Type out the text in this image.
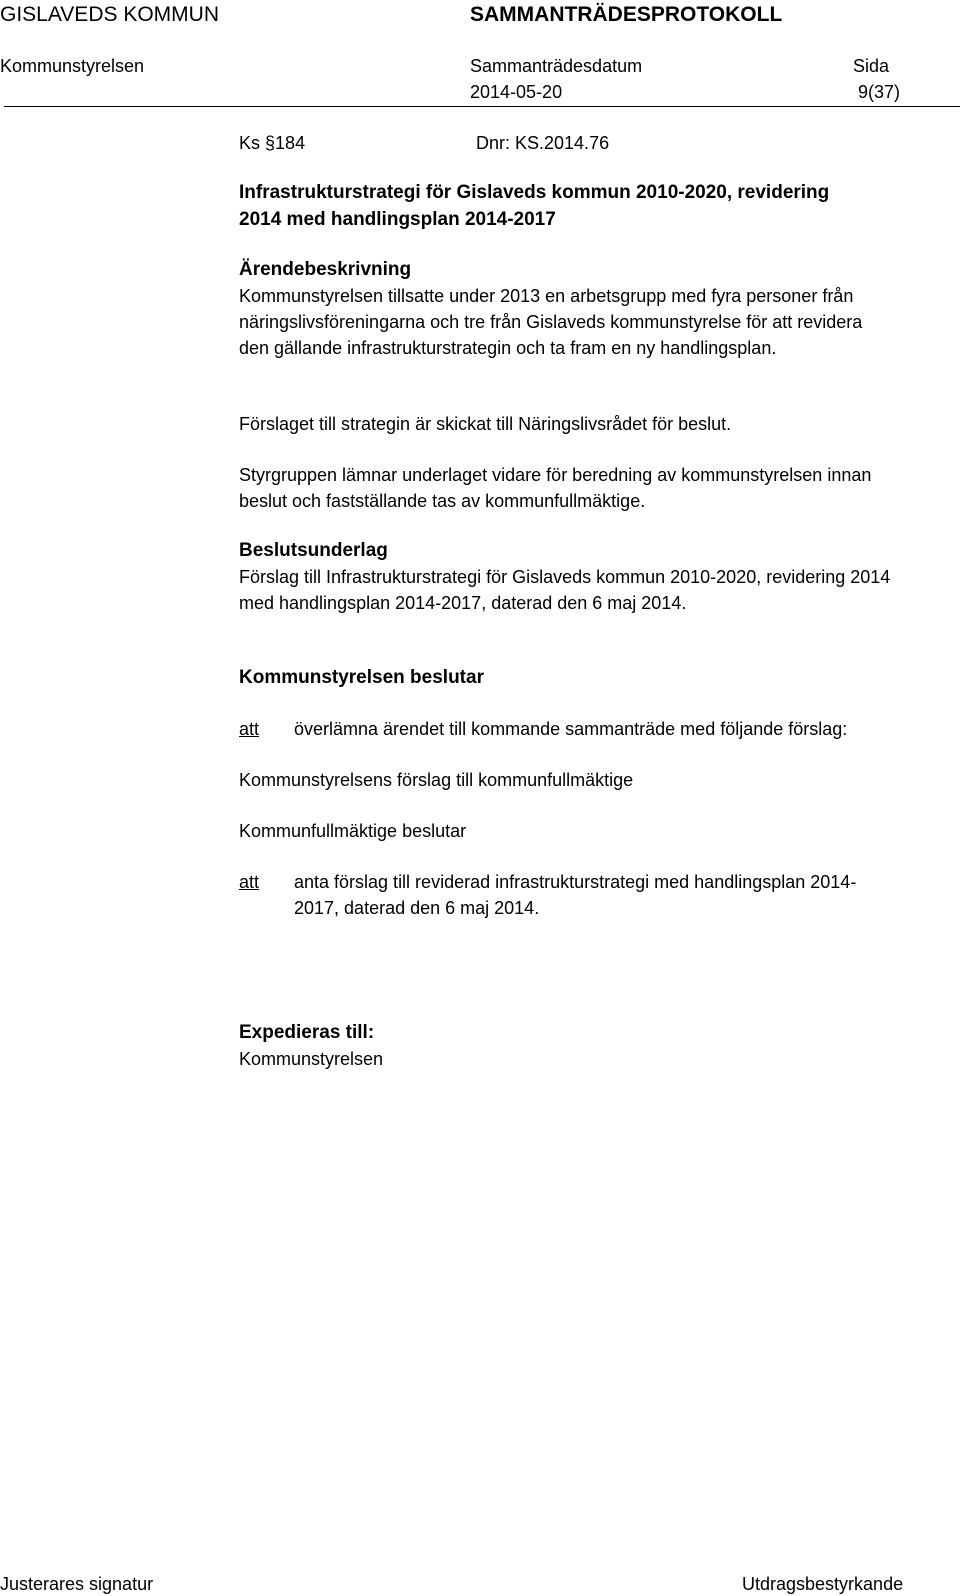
GISLAVEDS KOMMUN	SAMMANTRÄDESPROTOKOLL
Kommunstyrelsen	Sammanträdesdatum
2014-05-20
Sida
9(37)
Ks §184	Dnr: KS.2014.76
Infrastrukturstrategi för Gislaveds kommun 2010-2020, revidering
2014 med handlingsplan 2014-2017
Ärendebeskrivning
Kommunstyrelsen tillsatte under 2013 en arbetsgrupp med fyra personer från näringslivsföreningarna och tre från Gislaveds kommunstyrelse för att revidera den gällande infrastrukturstrategin och ta fram en ny handlingsplan.
Förslaget till strategin är skickat till Näringslivsrådet för beslut.
Styrgruppen lämnar underlaget vidare för beredning av kommunstyrelsen innan beslut och fastställande tas av kommunfullmäktige.
Beslutsunderlag
Förslag till Infrastrukturstrategi för Gislaveds kommun 2010-2020, revidering 2014 med handlingsplan 2014-2017, daterad den 6 maj 2014.
Kommunstyrelsen beslutar
att överlämna ärendet till kommande sammanträde med följande förslag:
Kommunstyrelsens förslag till kommunfullmäktige
Kommunfullmäktige beslutar
att anta förslag till reviderad infrastrukturstrategi med handlingsplan 2014-2017, daterad den 6 maj 2014.
Expedieras till:
Kommunstyrelsen
Justerares signatur	Utdragsbestyrkande
